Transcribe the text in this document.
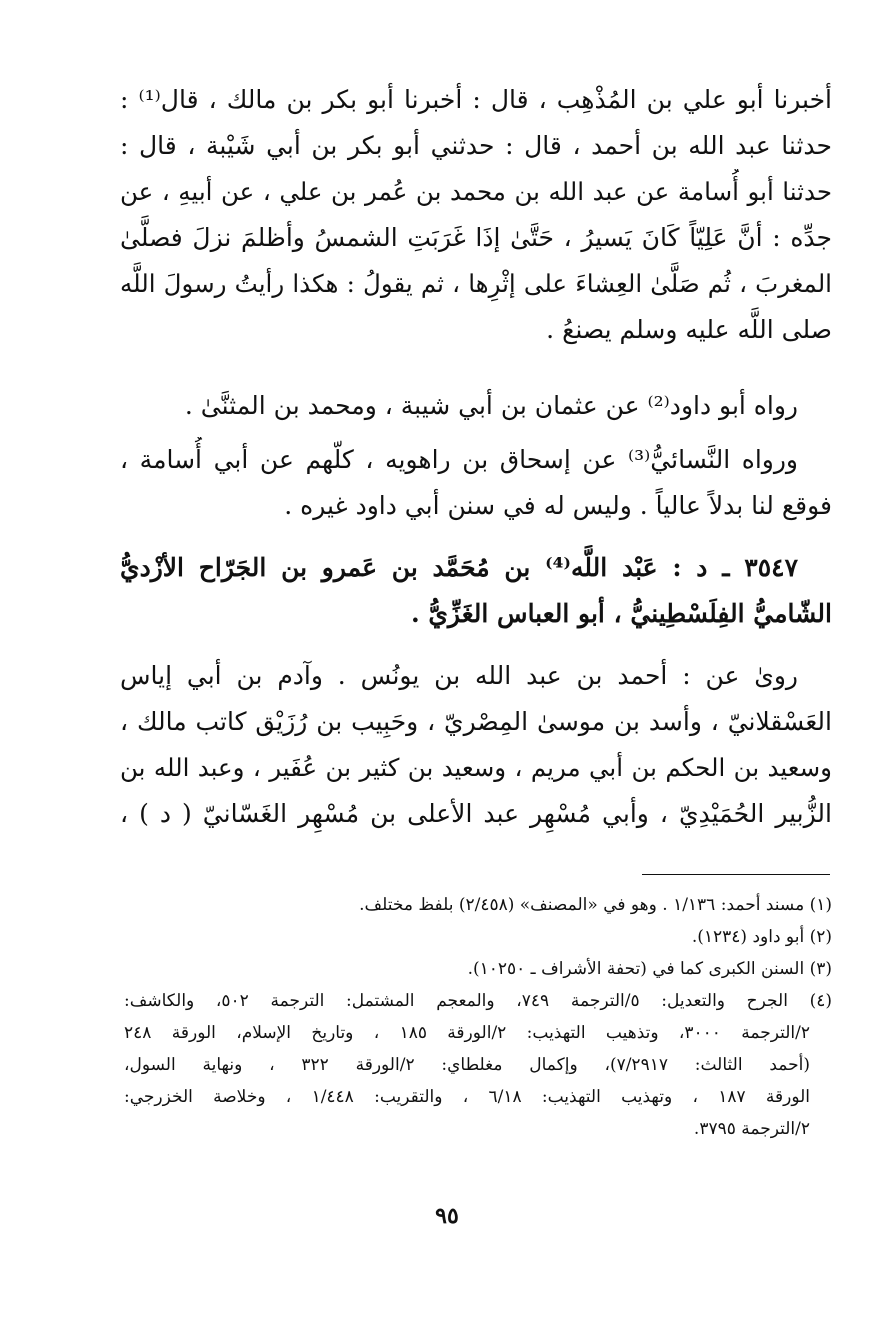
أخبرنا أبو علي بن المُذْهِب ، قال : أخبرنا أبو بكر بن مالك ، قال⁽¹⁾ :
حدثنا عبد الله بن أحمد ، قال : حدثني أبو بكر بن أبي شَيْبة ، قال :
حدثنا أبو أُسامة عن عبد الله بن محمد بن عُمر بن علي ، عن أبيهِ ، عن
جدِّه : أنَّ عَلِيّاً كَانَ يَسيرُ ، حَتَّىٰ إذَا غَرَبَتِ الشمسُ وأظلمَ نزلَ فصلَّىٰ
المغربَ ، ثُم صَلَّىٰ العِشاءَ على إثْرِها ، ثم يقولُ : هكذا رأيتُ رسولَ اللَّه
صلى اللَّه عليه وسلم يصنعُ .
رواه أبو داود⁽²⁾ عن عثمان بن أبي شيبة ، ومحمد بن المثنَّىٰ .
ورواه النَّسائيُّ⁽³⁾ عن إسحاق بن راهويه ، كلّهم عن أبي أُسامة ،
فوقع لنا بدلاً عالياً . وليس له في سنن أبي داود غيره .
٣٥٤٧ ـ د : عَبْد اللَّه⁽⁴⁾ بن مُحَمَّد بن عَمرو بن الجَرّاح الأزْديُّ
الشّاميُّ الفِلَسْطِينيُّ ، أبو العباس الغَزِّيُّ .
روىٰ عن : أحمد بن عبد الله بن يونُس . وآدم بن أبي إياس
العَسْقلانيّ ، وأسد بن موسىٰ المِصْريّ ، وحَبِيب بن رُزَيْق كاتب مالك ،
وسعيد بن الحكم بن أبي مريم ، وسعيد بن كثير بن عُفَير ، وعبد الله بن
الزُّبير الحُمَيْدِيّ ، وأبي مُسْهِر عبد الأعلى بن مُسْهِر الغَسّانيّ ( د ) ،
(١) مسند أحمد: ١/١٣٦ . وهو في «المصنف» (٢/٤٥٨) بلفظ مختلف.
(٢) أبو داود (١٢٣٤).
(٣) السنن الكبرى كما في (تحفة الأشراف ـ ١٠٢٥٠).
(٤) الجرح والتعديل: ٥/الترجمة ٧٤٩، والمعجم المشتمل: الترجمة ٥٠٢، والكاشف:
٢/الترجمة ٣٠٠٠، وتذهيب التهذيب: ٢/الورقة ١٨٥ ، وتاريخ الإسلام، الورقة ٢٤٨
(أحمد الثالث: ٧/٢٩١٧)، وإكمال مغلطاي: ٢/الورقة ٣٢٢ ، ونهاية السول،
الورقة ١٨٧ ، وتهذيب التهذيب: ٦/١٨ ، والتقريب: ١/٤٤٨ ، وخلاصة الخزرجي:
٢/الترجمة ٣٧٩٥.
٩٥
